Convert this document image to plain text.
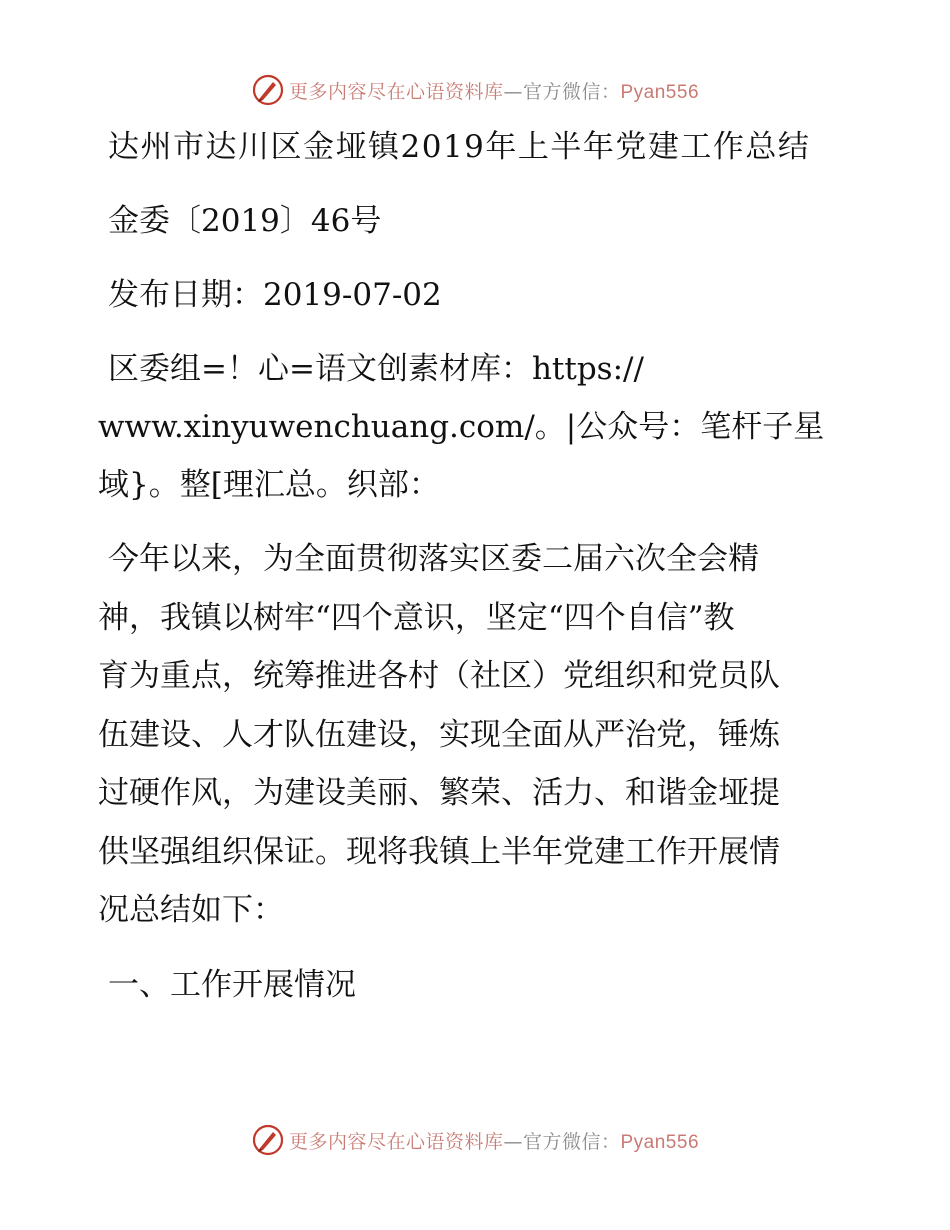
更多内容尽在心语资料库—官方微信：Pyan556

达州市达川区金垭镇2019年上半年党建工作总结

金委〔2019〕46号

发布日期：2019-07-02

区委组=！心=语文创素材库：https://

www.xinyuwenchuang.com/。|公众号：笔杆子星

域}。整[理汇总。织部：

今年以来，为全面贯彻落实区委二届六次全会精

神，我镇以树牢“四个意识，坚定“四个自信”教

育为重点，统筹推进各村（社区）党组织和党员队

伍建设、人才队伍建设，实现全面从严治党，锤炼

过硬作风，为建设美丽、繁荣、活力、和谐金垭提

供坚强组织保证。现将我镇上半年党建工作开展情

况总结如下：

一、工作开展情况

更多内容尽在心语资料库—官方微信：Pyan556
